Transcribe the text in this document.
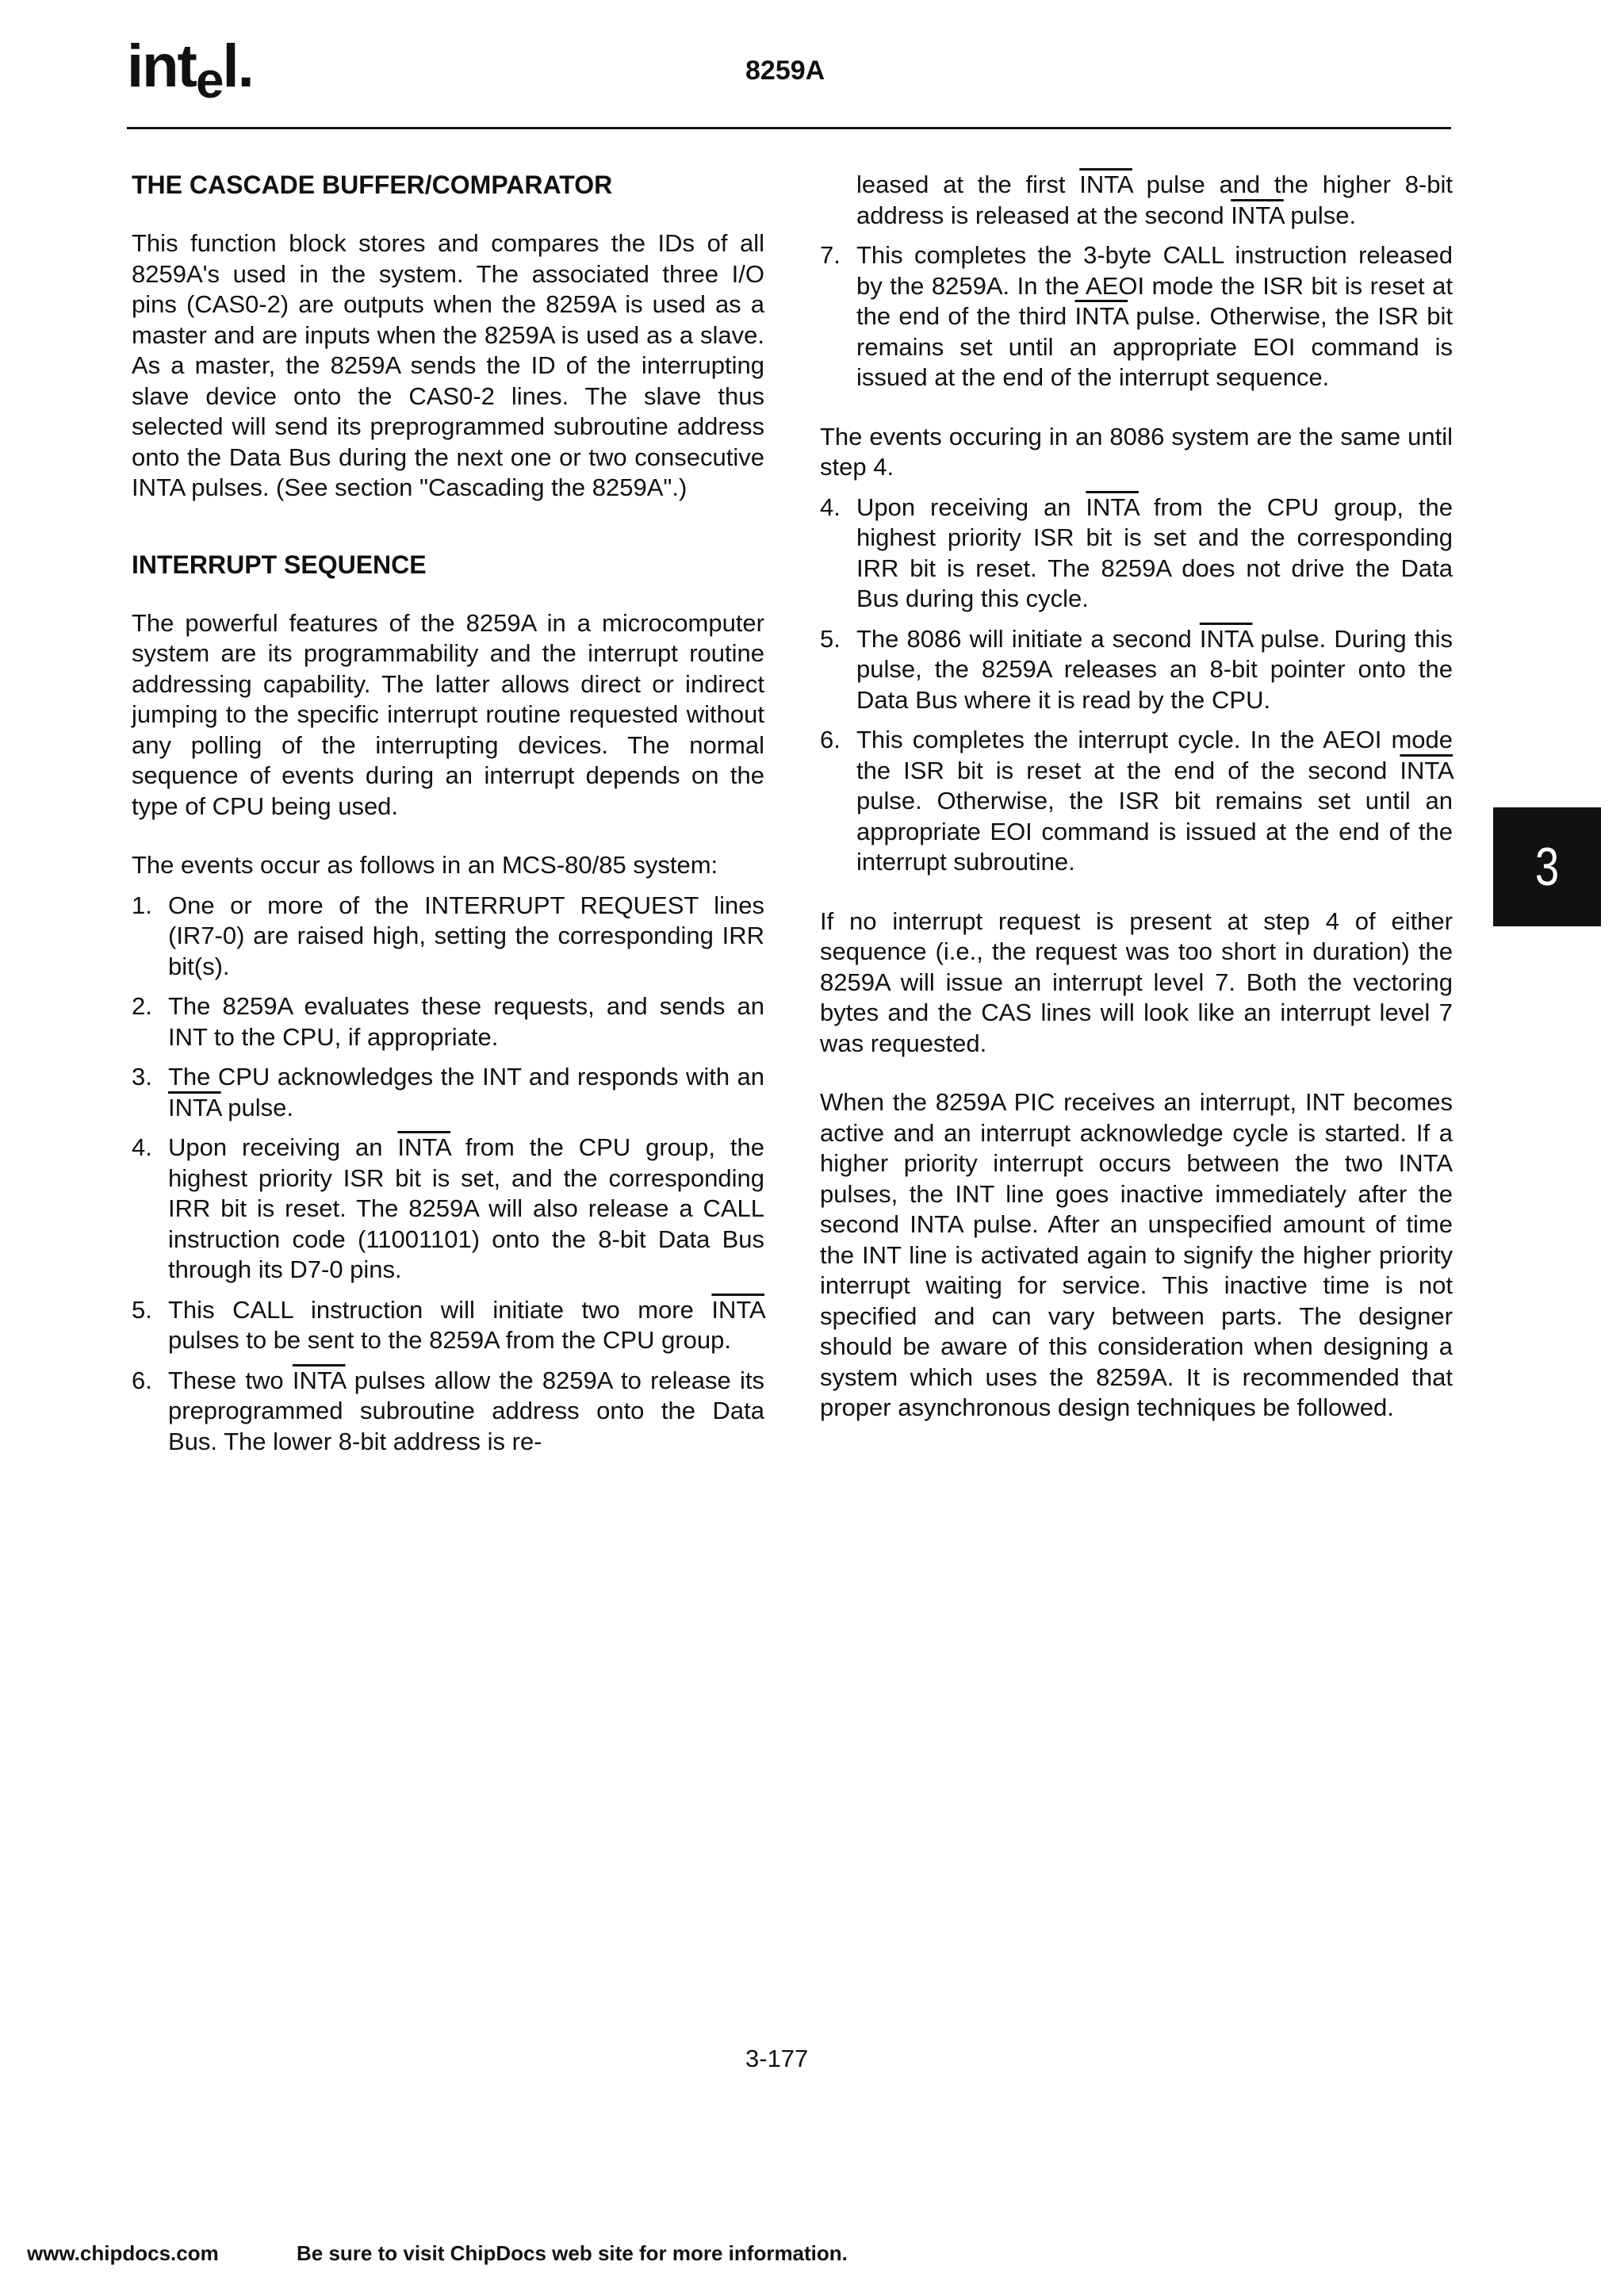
intel.	8259A
THE CASCADE BUFFER/COMPARATOR

This function block stores and compares the IDs of all 8259A's used in the system. The associated three I/O pins (CAS0-2) are outputs when the 8259A is used as a master and are inputs when the 8259A is used as a slave. As a master, the 8259A sends the ID of the interrupting slave device onto the CAS0-2 lines. The slave thus selected will send its preprogrammed subroutine address onto the Data Bus during the next one or two consecutive INTA pulses. (See section "Cascading the 8259A".)

INTERRUPT SEQUENCE

The powerful features of the 8259A in a microcomputer system are its programmability and the interrupt routine addressing capability. The latter allows direct or indirect jumping to the specific interrupt routine requested without any polling of the interrupting devices. The normal sequence of events during an interrupt depends on the type of CPU being used.

The events occur as follows in an MCS-80/85 system:

1. One or more of the INTERRUPT REQUEST lines (IR7-0) are raised high, setting the corresponding IRR bit(s).
2. The 8259A evaluates these requests, and sends an INT to the CPU, if appropriate.
3. The CPU acknowledges the INT and responds with an INTA pulse.
4. Upon receiving an INTA from the CPU group, the highest priority ISR bit is set, and the corresponding IRR bit is reset. The 8259A will also release a CALL instruction code (11001101) onto the 8-bit Data Bus through its D7-0 pins.
5. This CALL instruction will initiate two more INTA pulses to be sent to the 8259A from the CPU group.
6. These two INTA pulses allow the 8259A to release its preprogrammed subroutine address onto the Data Bus. The lower 8-bit address is re-

leased at the first INTA pulse and the higher 8-bit address is released at the second INTA pulse.

7. This completes the 3-byte CALL instruction released by the 8259A. In the AEOI mode the ISR bit is reset at the end of the third INTA pulse. Otherwise, the ISR bit remains set until an appropriate EOI command is issued at the end of the interrupt sequence.

The events occuring in an 8086 system are the same until step 4.

4. Upon receiving an INTA from the CPU group, the highest priority ISR bit is set and the corresponding IRR bit is reset. The 8259A does not drive the Data Bus during this cycle.
5. The 8086 will initiate a second INTA pulse. During this pulse, the 8259A releases an 8-bit pointer onto the Data Bus where it is read by the CPU.
6. This completes the interrupt cycle. In the AEOI mode the ISR bit is reset at the end of the second INTA pulse. Otherwise, the ISR bit remains set until an appropriate EOI command is issued at the end of the interrupt subroutine.

If no interrupt request is present at step 4 of either sequence (i.e., the request was too short in duration) the 8259A will issue an interrupt level 7. Both the vectoring bytes and the CAS lines will look like an interrupt level 7 was requested.

When the 8259A PIC receives an interrupt, INT becomes active and an interrupt acknowledge cycle is started. If a higher priority interrupt occurs between the two INTA pulses, the INT line goes inactive immediately after the second INTA pulse. After an unspecified amount of time the INT line is activated again to signify the higher priority interrupt waiting for service. This inactive time is not specified and can vary between parts. The designer should be aware of this consideration when designing a system which uses the 8259A. It is recommended that proper asynchronous design techniques be followed.

3
3-177
www.chipdocs.com	Be sure to visit ChipDocs web site for more information.
